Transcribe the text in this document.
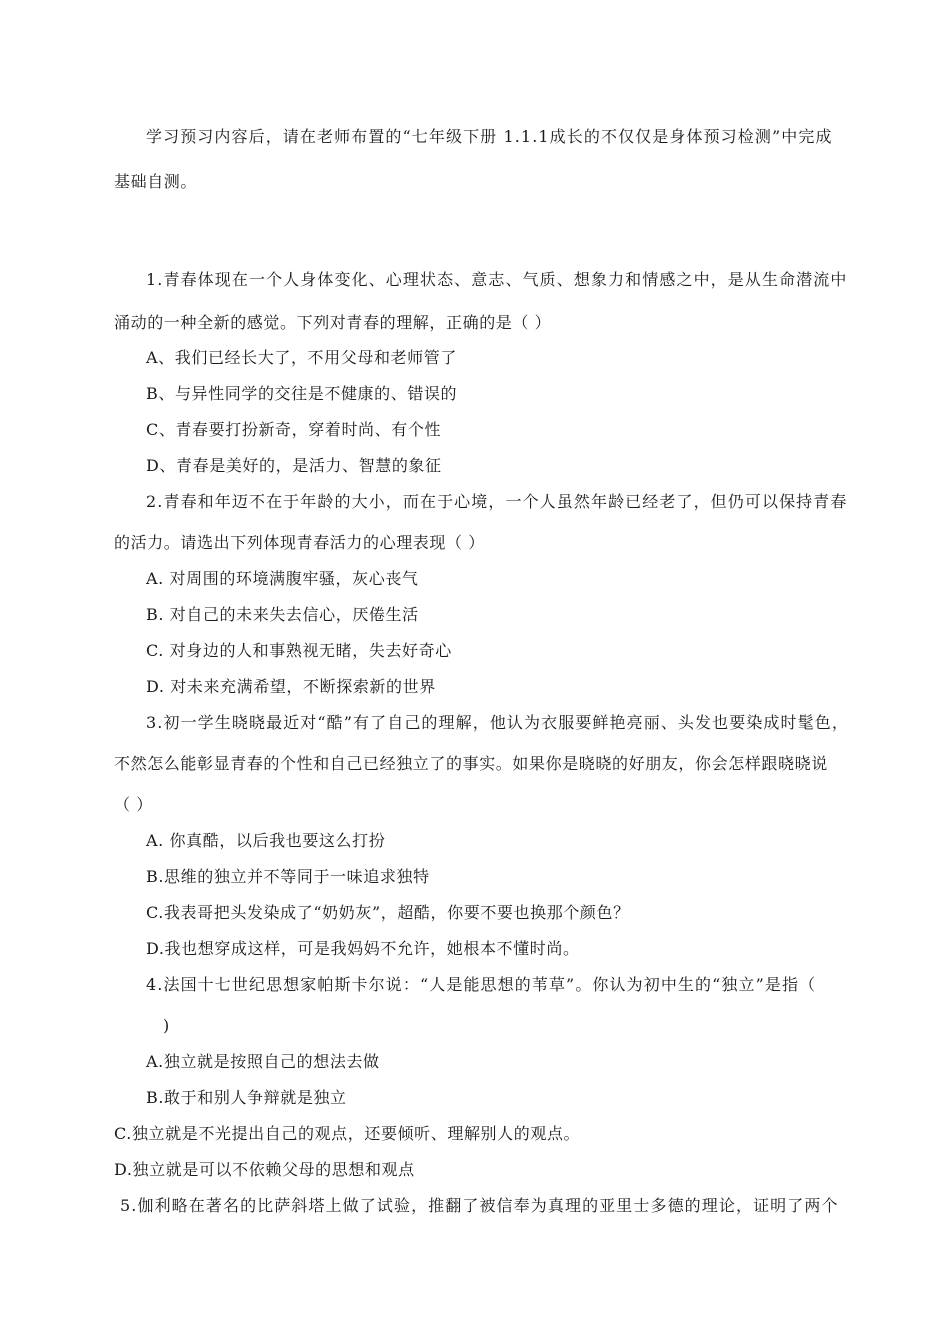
学习预习内容后，请在老师布置的“七年级下册 1.1.1成长的不仅仅是身体预习检测”中完成
基础自测。
1.青春体现在一个人身体变化、心理状态、意志、气质、想象力和情感之中，是从生命潜流中
涌动的一种全新的感觉。下列对青春的理解，正确的是（ ）
A、我们已经长大了，不用父母和老师管了
B、与异性同学的交往是不健康的、错误的
C、青春要打扮新奇，穿着时尚、有个性
D、青春是美好的，是活力、智慧的象征
2.青春和年迈不在于年龄的大小，而在于心境，一个人虽然年龄已经老了，但仍可以保持青春
的活力。请选出下列体现青春活力的心理表现（ ）
A. 对周围的环境满腹牢骚，灰心丧气
B. 对自己的未来失去信心，厌倦生活
C. 对身边的人和事熟视无睹，失去好奇心
D. 对未来充满希望，不断探索新的世界
3.初一学生晓晓最近对“酷”有了自己的理解，他认为衣服要鲜艳亮丽、头发也要染成时髦色，
不然怎么能彰显青春的个性和自己已经独立了的事实。如果你是晓晓的好朋友，你会怎样跟晓晓说
（ ）
A. 你真酷，以后我也要这么打扮
B.思维的独立并不等同于一味追求独特
C.我表哥把头发染成了“奶奶灰”，超酷，你要不要也换那个颜色？
D.我也想穿成这样，可是我妈妈不允许，她根本不懂时尚。
4.法国十七世纪思想家帕斯卡尔说：“人是能思想的苇草”。你认为初中生的“独立”是指（
)
A.独立就是按照自己的想法去做
B.敢于和别人争辩就是独立
C.独立就是不光提出自己的观点，还要倾听、理解别人的观点。
D.独立就是可以不依赖父母的思想和观点
5.伽利略在著名的比萨斜塔上做了试验，推翻了被信奉为真理的亚里士多德的理论，证明了两个
